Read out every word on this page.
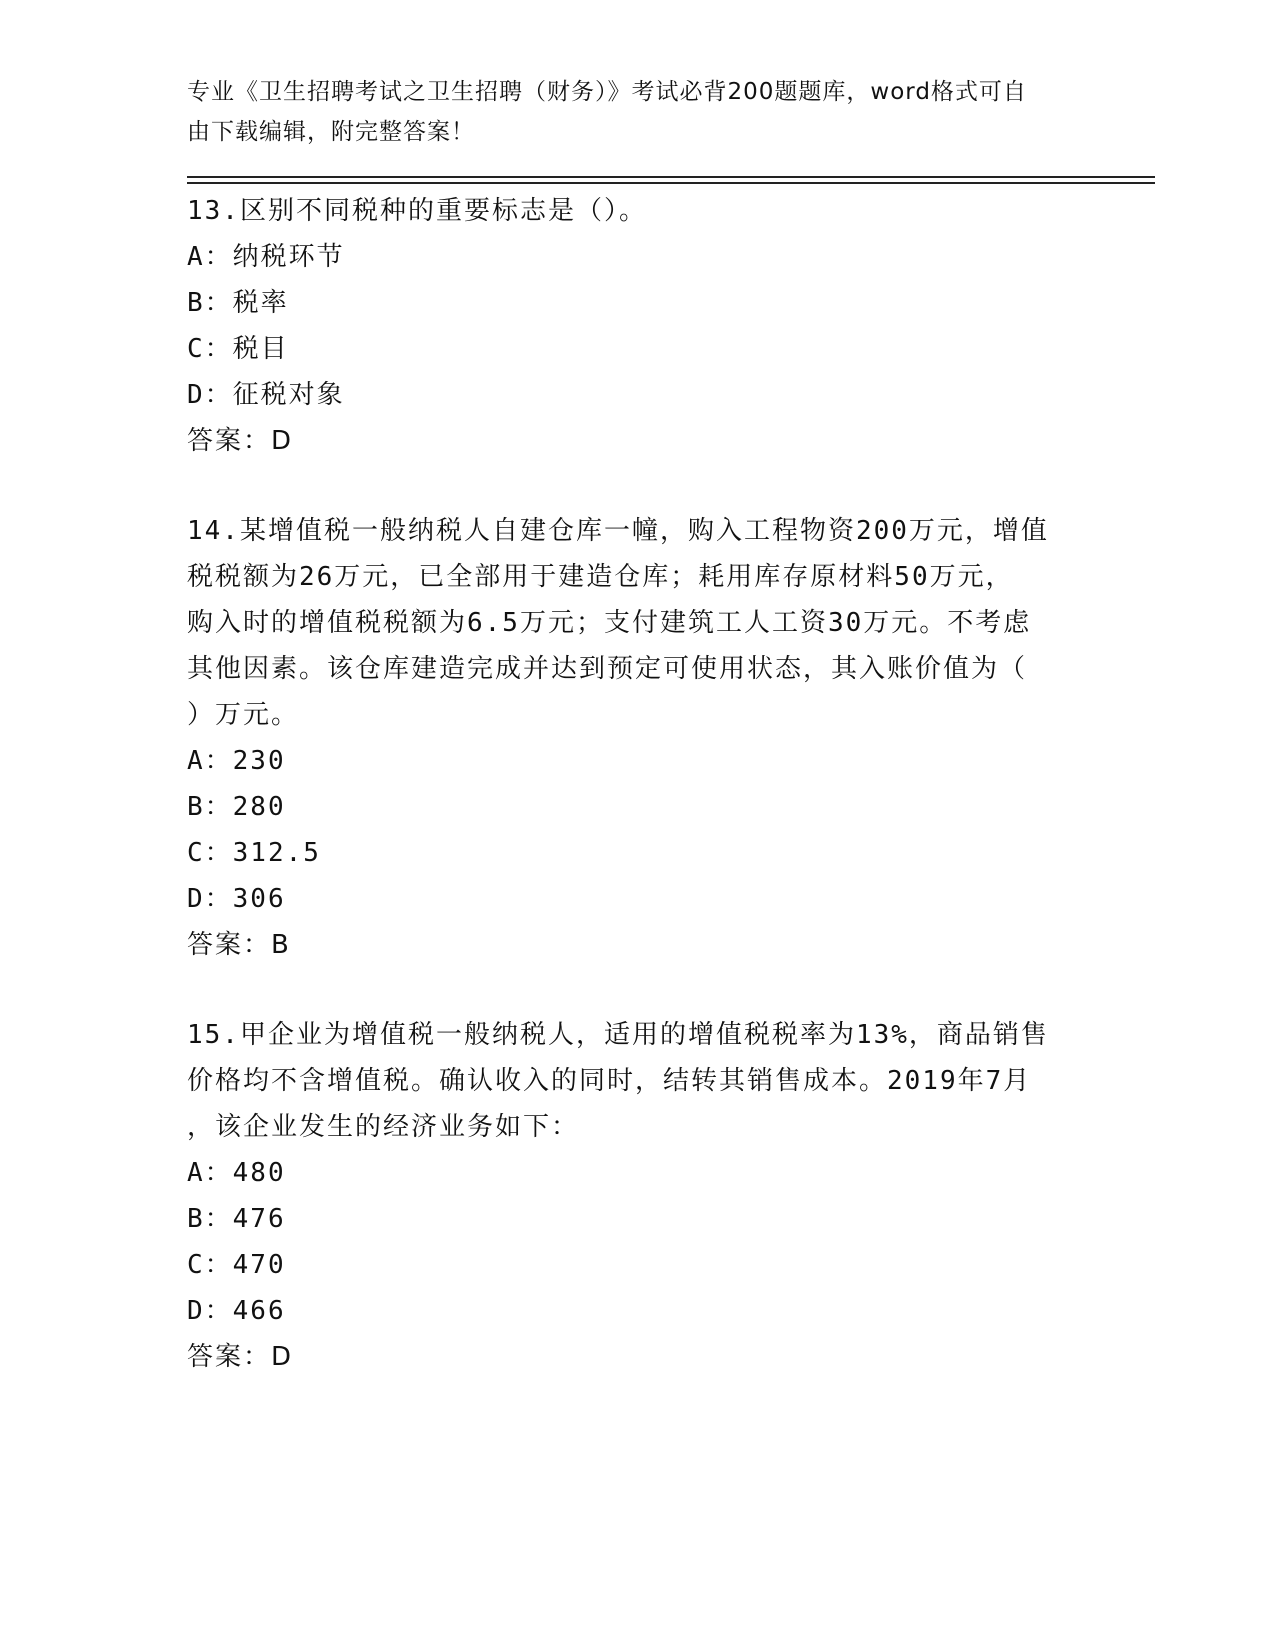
专业《卫生招聘考试之卫生招聘（财务）》考试必背200题题库，word格式可自
由下载编辑，附完整答案！
13.区别不同税种的重要标志是（）。
A：纳税环节
B：税率
C：税目
D：征税对象
答案：D
14.某增值税一般纳税人自建仓库一幢，购入工程物资200万元，增值
税税额为26万元，已全部用于建造仓库；耗用库存原材料50万元，
购入时的增值税税额为6.5万元；支付建筑工人工资30万元。不考虑
其他因素。该仓库建造完成并达到预定可使用状态，其入账价值为（
）万元。
A：230
B：280
C：312.5
D：306
答案：B
15.甲企业为增值税一般纳税人，适用的增值税税率为13%，商品销售
价格均不含增值税。确认收入的同时，结转其销售成本。2019年7月
，该企业发生的经济业务如下：
A：480
B：476
C：470
D：466
答案：D
